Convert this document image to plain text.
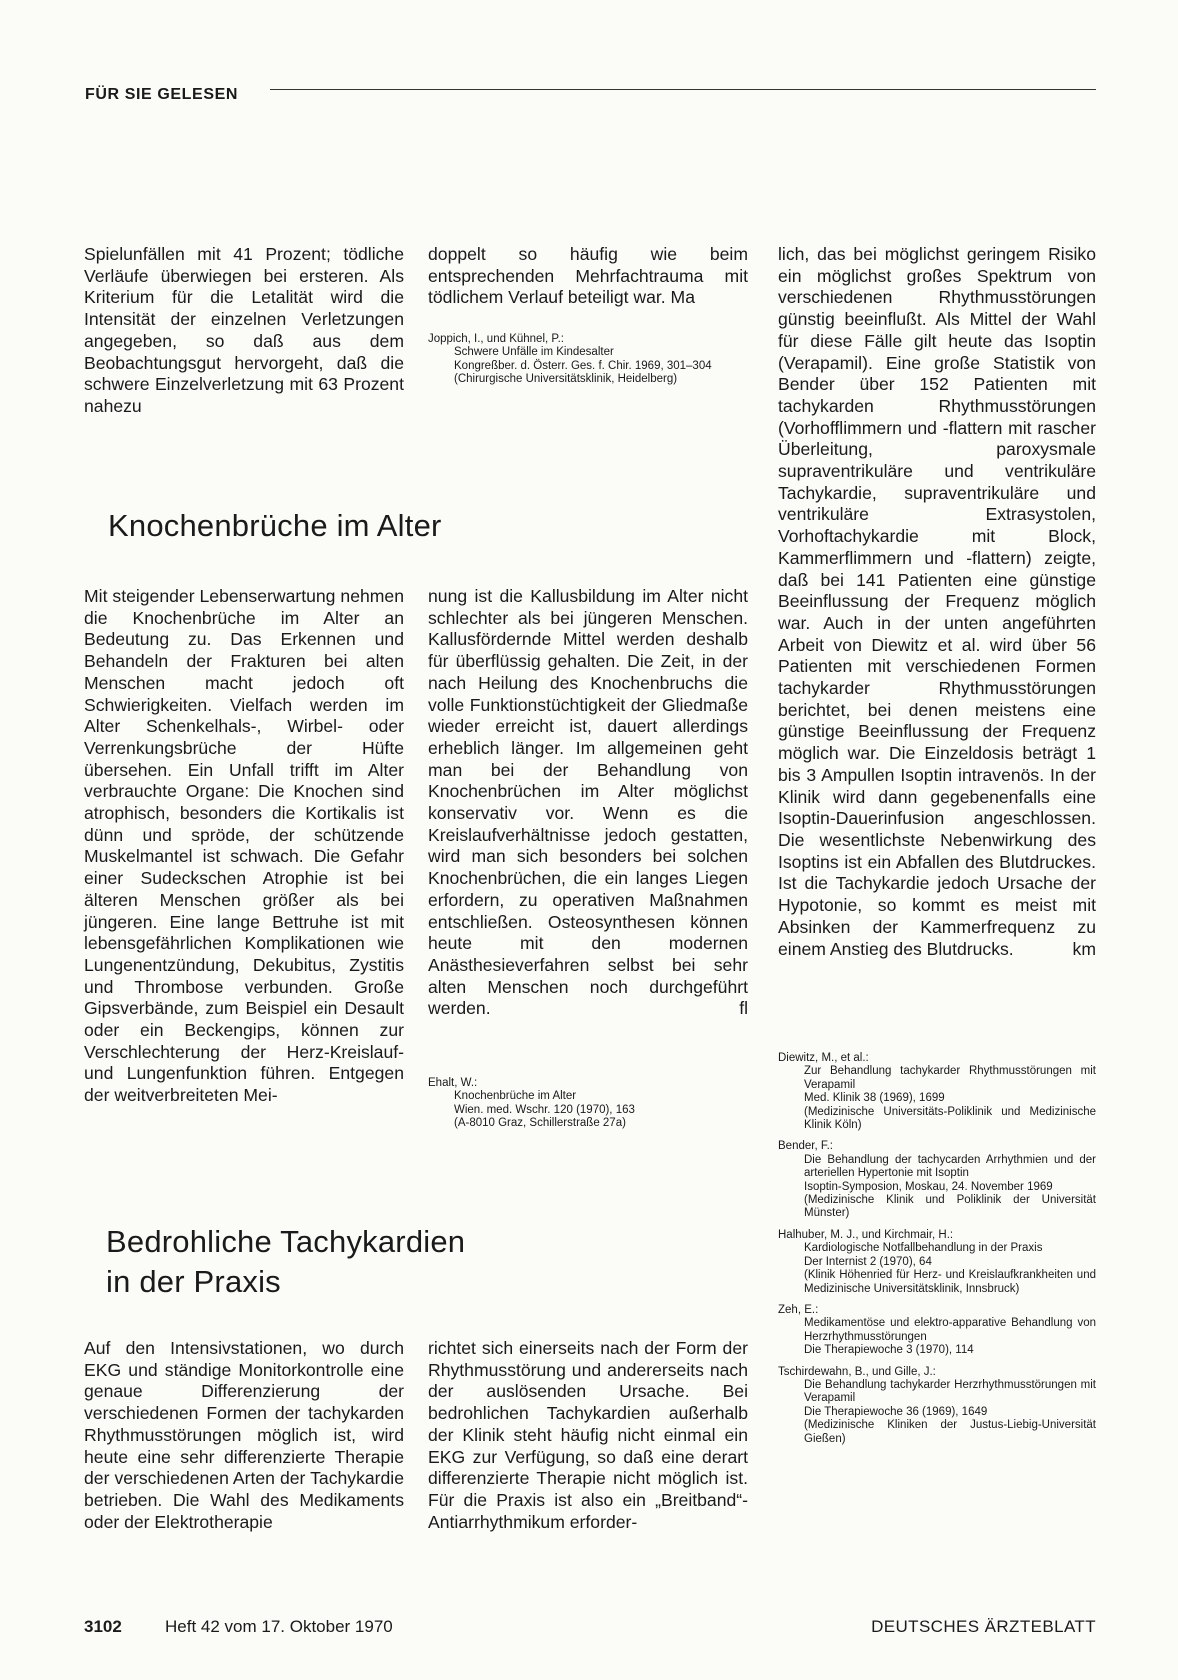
FÜR SIE GELESEN

Spielunfällen mit 41 Prozent; tödliche Verläufe überwiegen bei ersteren. Als Kriterium für die Letalität wird die Intensität der einzelnen Verletzungen angegeben, so daß aus dem Beobachtungsgut hervorgeht, daß die schwere Einzelverletzung mit 63 Prozent nahezu

doppelt so häufig wie beim entsprechenden Mehrfachtrauma mit tödlichem Verlauf beteiligt war. Ma

Joppich, I., und Kühnel, P.:
Schwere Unfälle im Kindesalter
Kongreßber. d. Österr. Ges. f. Chir. 1969, 301–304
(Chirurgische Universitätsklinik, Heidelberg)
Knochenbrüche im Alter

Mit steigender Lebenserwartung nehmen die Knochenbrüche im Alter an Bedeutung zu. Das Erkennen und Behandeln der Frakturen bei alten Menschen macht jedoch oft Schwierigkeiten. Vielfach werden im Alter Schenkelhals-, Wirbel- oder Verrenkungsbrüche der Hüfte übersehen. Ein Unfall trifft im Alter verbrauchte Organe: Die Knochen sind atrophisch, besonders die Kortikalis ist dünn und spröde, der schützende Muskelmantel ist schwach. Die Gefahr einer Sudeckschen Atrophie ist bei älteren Menschen größer als bei jüngeren. Eine lange Bettruhe ist mit lebensgefährlichen Komplikationen wie Lungenentzündung, Dekubitus, Zystitis und Thrombose verbunden. Große Gipsverbände, zum Beispiel ein Desault oder ein Beckengips, können zur Verschlechterung der Herz-Kreislauf- und Lungenfunktion führen. Entgegen der weitverbreiteten Mei-

nung ist die Kallusbildung im Alter nicht schlechter als bei jüngeren Menschen. Kallusfördernde Mittel werden deshalb für überflüssig gehalten. Die Zeit, in der nach Heilung des Knochenbruchs die volle Funktionstüchtigkeit der Gliedmaße wieder erreicht ist, dauert allerdings erheblich länger. Im allgemeinen geht man bei der Behandlung von Knochenbrüchen im Alter möglichst konservativ vor. Wenn es die Kreislaufverhältnisse jedoch gestatten, wird man sich besonders bei solchen Knochenbrüchen, die ein langes Liegen erfordern, zu operativen Maßnahmen entschließen. Osteosynthesen können heute mit den modernen Anästhesieverfahren selbst bei sehr alten Menschen noch durchgeführt werden.	fl

Ehalt, W.:
Knochenbrüche im Alter
Wien. med. Wschr. 120 (1970), 163
(A-8010 Graz, Schillerstraße 27a)
Bedrohliche Tachykardien
in der Praxis

Auf den Intensivstationen, wo durch EKG und ständige Monitorkontrolle eine genaue Differenzierung der verschiedenen Formen der tachykarden Rhythmusstörungen möglich ist, wird heute eine sehr differenzierte Therapie der verschiedenen Arten der Tachykardie betrieben. Die Wahl des Medikaments oder der Elektrotherapie

richtet sich einerseits nach der Form der Rhythmusstörung und andererseits nach der auslösenden Ursache. Bei bedrohlichen Tachykardien außerhalb der Klinik steht häufig nicht einmal ein EKG zur Verfügung, so daß eine derart differenzierte Therapie nicht möglich ist. Für die Praxis ist also ein „Breitband“-Antiarrhythmikum erforder-

lich, das bei möglichst geringem Risiko ein möglichst großes Spektrum von verschiedenen Rhythmusstörungen günstig beeinflußt. Als Mittel der Wahl für diese Fälle gilt heute das Isoptin (Verapamil). Eine große Statistik von Bender über 152 Patienten mit tachykarden Rhythmusstörungen (Vorhofflimmern und -flattern mit rascher Überleitung, paroxysmale supraventrikuläre und ventrikuläre Tachykardie, supraventrikuläre und ventrikuläre Extrasystolen, Vorhoftachykardie mit Block, Kammerflimmern und -flattern) zeigte, daß bei 141 Patienten eine günstige Beeinflussung der Frequenz möglich war. Auch in der unten angeführten Arbeit von Diewitz et al. wird über 56 Patienten mit verschiedenen Formen tachykarder Rhythmusstörungen berichtet, bei denen meistens eine günstige Beeinflussung der Frequenz möglich war. Die Einzeldosis beträgt 1 bis 3 Ampullen Isoptin intravenös. In der Klinik wird dann gegebenenfalls eine Isoptin-Dauerinfusion angeschlossen. Die wesentlichste Nebenwirkung des Isoptins ist ein Abfallen des Blutdruckes. Ist die Tachykardie jedoch Ursache der Hypotonie, so kommt es meist mit Absinken der Kammerfrequenz zu einem Anstieg des Blutdrucks.	km

Diewitz, M., et al.:
Zur Behandlung tachykarder Rhythmusstörungen mit Verapamil
Med. Klinik 38 (1969), 1699
(Medizinische Universitäts-Poliklinik und Medizinische Klinik Köln)
Bender, F.:
Die Behandlung der tachycarden Arrhythmien und der arteriellen Hypertonie mit Isoptin
Isoptin-Symposion, Moskau, 24. November 1969
(Medizinische Klinik und Poliklinik der Universität Münster)
Halhuber, M. J., und Kirchmair, H.:
Kardiologische Notfallbehandlung in der Praxis
Der Internist 2 (1970), 64
(Klinik Höhenried für Herz- und Kreislaufkrankheiten und Medizinische Universitätsklinik, Innsbruck)
Zeh, E.:
Medikamentöse und elektro-apparative Behandlung von Herzrhythmusstörungen
Die Therapiewoche 3 (1970), 114
Tschirdewahn, B., und Gille, J.:
Die Behandlung tachykarder Herzrhythmusstörungen mit Verapamil
Die Therapiewoche 36 (1969), 1649
(Medizinische Kliniken der Justus-Liebig-Universität Gießen)
3102	Heft 42 vom 17. Oktober 1970	DEUTSCHES ÄRZTEBLATT
